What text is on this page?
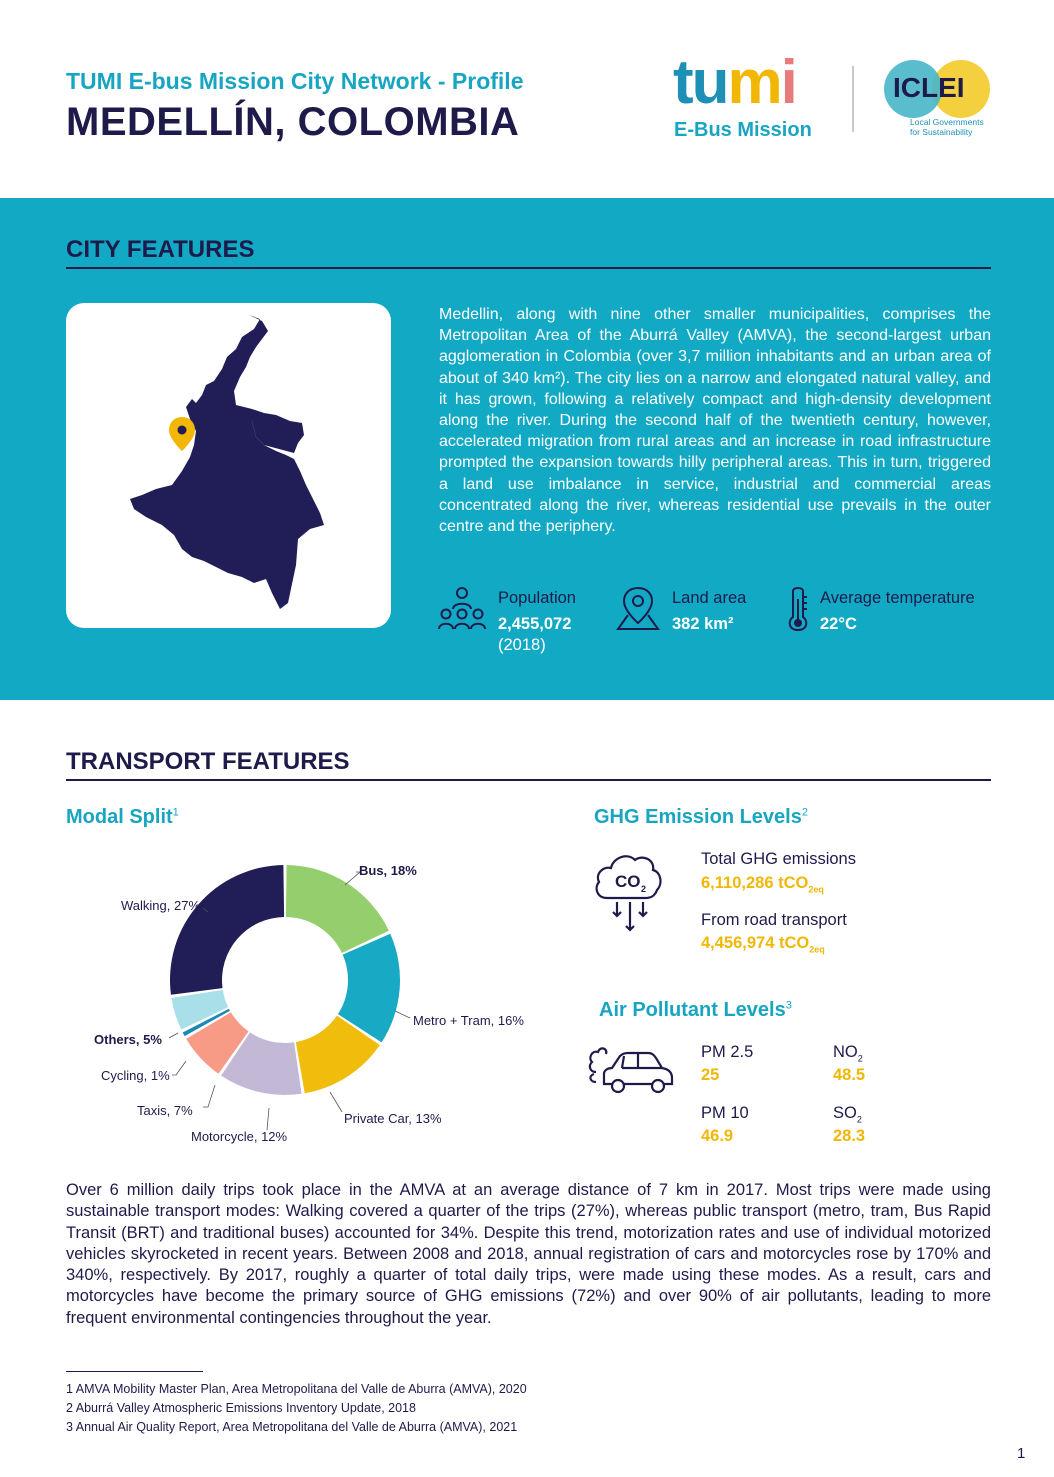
TUMI E-bus Mission City Network - Profile
MEDELLÍN, COLOMBIA
tumi
E-Bus Mission
ICLEI
Local Governments
for Sustainability
CITY FEATURES
Medellin, along with nine other smaller municipalities, comprises the Metropolitan Area of the Aburrá Valley (AMVA), the second-largest urban agglomeration in Colombia (over 3,7 million inhabitants and an urban area of about of 340 km²). The city lies on a narrow and elongated natural valley, and it has grown, following a relatively compact and high-density development along the river. During the second half of the twentieth century, however, accelerated migration from rural areas and an increase in road infrastructure prompted the expansion towards hilly peripheral areas. This in turn, triggered a land use imbalance in service, industrial and commercial areas concentrated along the river, whereas residential use prevails in the outer centre and the periphery.
Population
2,455,072
(2018)
Land area
382 km²
Average temperature
22°C
TRANSPORT FEATURES
Modal Split$^1$
Bus, 18%
Walking, 27%
Metro + Tram, 16%
Private Car, 13%
Motorcycle, 12%
Taxis, 7%
Cycling, 1%
Others, 5%
GHG Emission Levels$^2$
CO 2
Total GHG emissions
6,110,286 tCO$_{2eq}$
From road transport
4,456,974 tCO$_{2eq}$
Air Pollutant Levels$^3$
PM 2.5
25
$NO_2$
48.5
PM 10
46.9
$SO_2$
28.3
Over 6 million daily trips took place in the AMVA at an average distance of 7 km in 2017. Most trips were made using sustainable transport modes: Walking covered a quarter of the trips (27%), whereas public transport (metro, tram, Bus Rapid Transit (BRT) and traditional buses) accounted for 34%. Despite this trend, motorization rates and use of individual motorized vehicles skyrocketed in recent years. Between 2008 and 2018, annual registration of cars and motorcycles rose by 170% and 340%, respectively. By 2017, roughly a quarter of total daily trips, were made using these modes. As a result, cars and motorcycles have become the primary source of GHG emissions (72%) and over 90% of air pollutants, leading to more frequent environmental contingencies throughout the year.
1 AMVA Mobility Master Plan, Area Metropolitana del Valle de Aburra (AMVA), 2020
2 Aburrá Valley Atmospheric Emissions Inventory Update, 2018
3 Annual Air Quality Report, Area Metropolitana del Valle de Aburra (AMVA), 2021
1
